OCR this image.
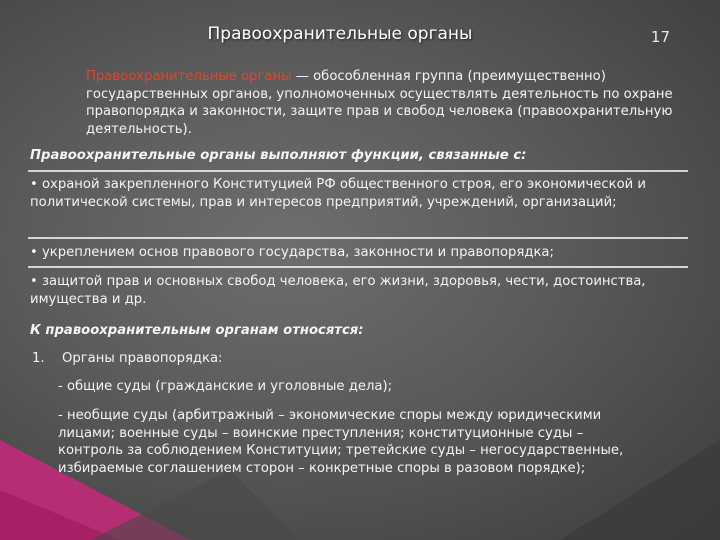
Правоохранительные органы	17

Правоохранительные органы — обособленная группа (преимущественно) государственных органов, уполномоченных осуществлять деятельность по охране правопорядка и законности, защите прав и свобод человека (правоохранительную деятельность).

Правоохранительные органы выполняют функции, связанные с:

• охраной закрепленного Конституцией РФ общественного строя, его экономической и политической системы, прав и интересов предприятий, учреждений, организаций;

• укреплением основ правового государства, законности и правопорядка;

• защитой прав и основных свобод человека, его жизни, здоровья, чести, достоинства, имущества и др.

К правоохранительным органам относятся:

1.	Органы правопорядка:

- общие суды (гражданские и уголовные дела);

- необщие суды (арбитражный – экономические споры между юридическими лицами; военные суды – воинские преступления; конституционные суды – контроль за соблюдением Конституции; третейские суды – негосударственные, избираемые соглашением сторон – конкретные споры в разовом порядке);
